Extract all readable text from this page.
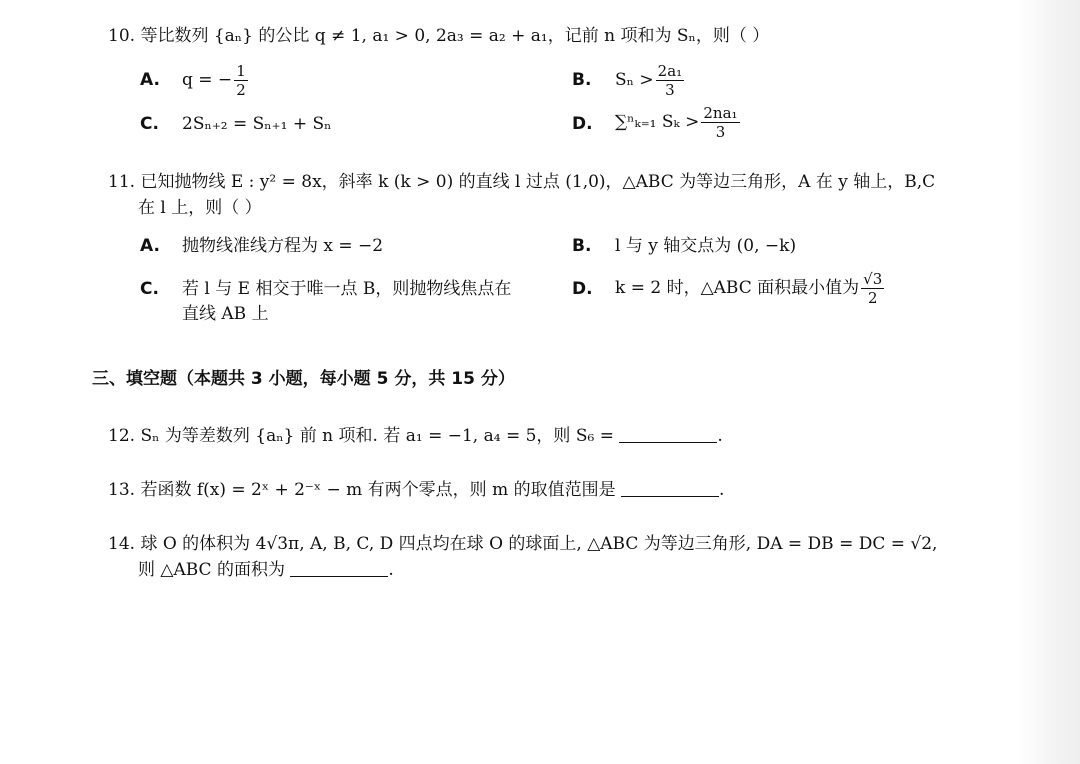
10. 等比数列 {aₙ} 的公比 q ≠ 1, a₁ > 0, 2a₃ = a₂ + a₁，记前 n 项和为 Sₙ，则（ ）
A. q = − $\frac{1}{2}$	B. $S_n > \frac{\text{2a₁}}{3}$
C. 2Sₙ₊₂ = Sₙ₊₁ + Sₙ	D. ∑ⁿₖ₌₁ $S_k > \frac{\text{2na₁}}{3}$
11. 已知抛物线 E : y² = 8x，斜率 k (k > 0) 的直线 l 过点 (1,0)，△ABC 为等边三角形，A 在 y 轴上，B,C
在 l 上，则（ ）
A. 抛物线准线方程为 x = −2	B. l 与 y 轴交点为 (0, −k)
C. 若 l 与 E 相交于唯一点 B，则抛物线焦点在
直线 AB 上
D. k = 2 时，△ABC 面积最小值为 $\frac{√3}{2}$
三、填空题（本题共 3 小题，每小题 5 分，共 15 分）
12. Sₙ 为等差数列 {aₙ} 前 n 项和. 若 a₁ = −1, a₄ = 5，则 S₆ =	.
13. 若函数 f(x) = 2ˣ + 2⁻ˣ − m 有两个零点，则 m 的取值范围是	.
14. 球 O 的体积为 4√3π, A, B, C, D 四点均在球 O 的球面上, △ABC 为等边三角形, DA = DB = DC = √2,
则 △ABC 的面积为	.
